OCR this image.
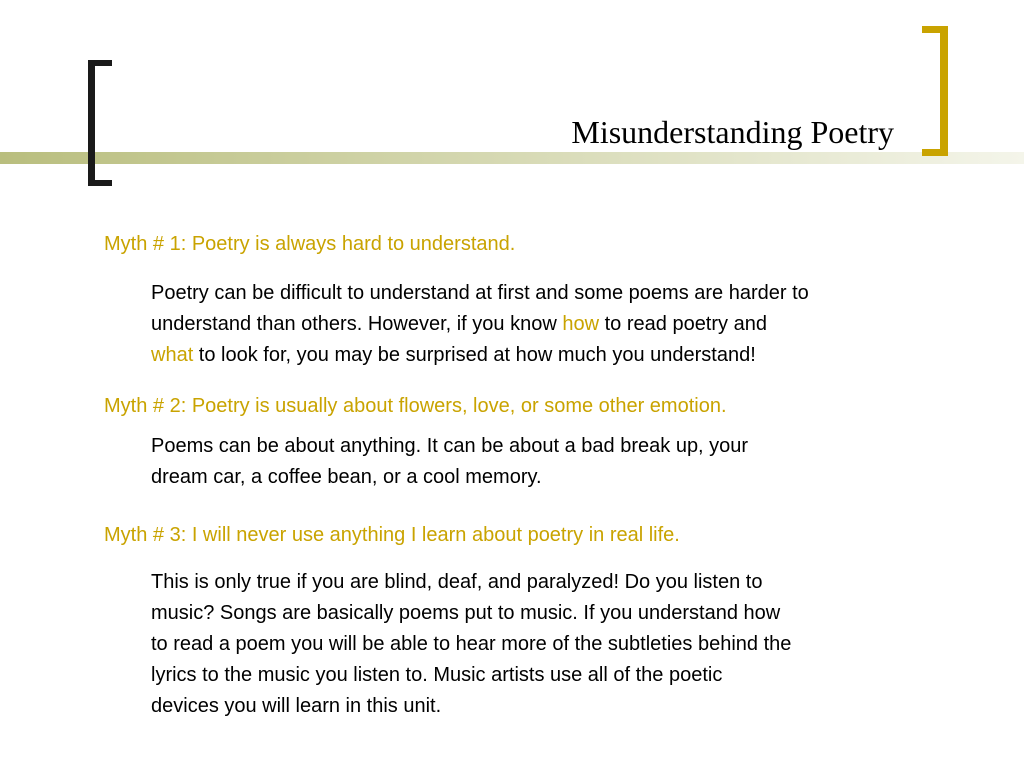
Misunderstanding Poetry
Myth # 1: Poetry is always hard to understand.
Poetry can be difficult to understand at first and some poems are harder to
understand than others. However, if you know how to read poetry and
what to look for, you may be surprised at how much you understand!
Myth # 2: Poetry is usually about flowers, love, or some other emotion.
Poems can be about anything. It can be about a bad break up, your
dream car, a coffee bean, or a cool memory.
Myth # 3: I will never use anything I learn about poetry in real life.
This is only true if you are blind, deaf, and paralyzed! Do you listen to
music? Songs are basically poems put to music. If you understand how
to read a poem you will be able to hear more of the subtleties behind the
lyrics to the music you listen to. Music artists use all of the poetic
devices you will learn in this unit.
